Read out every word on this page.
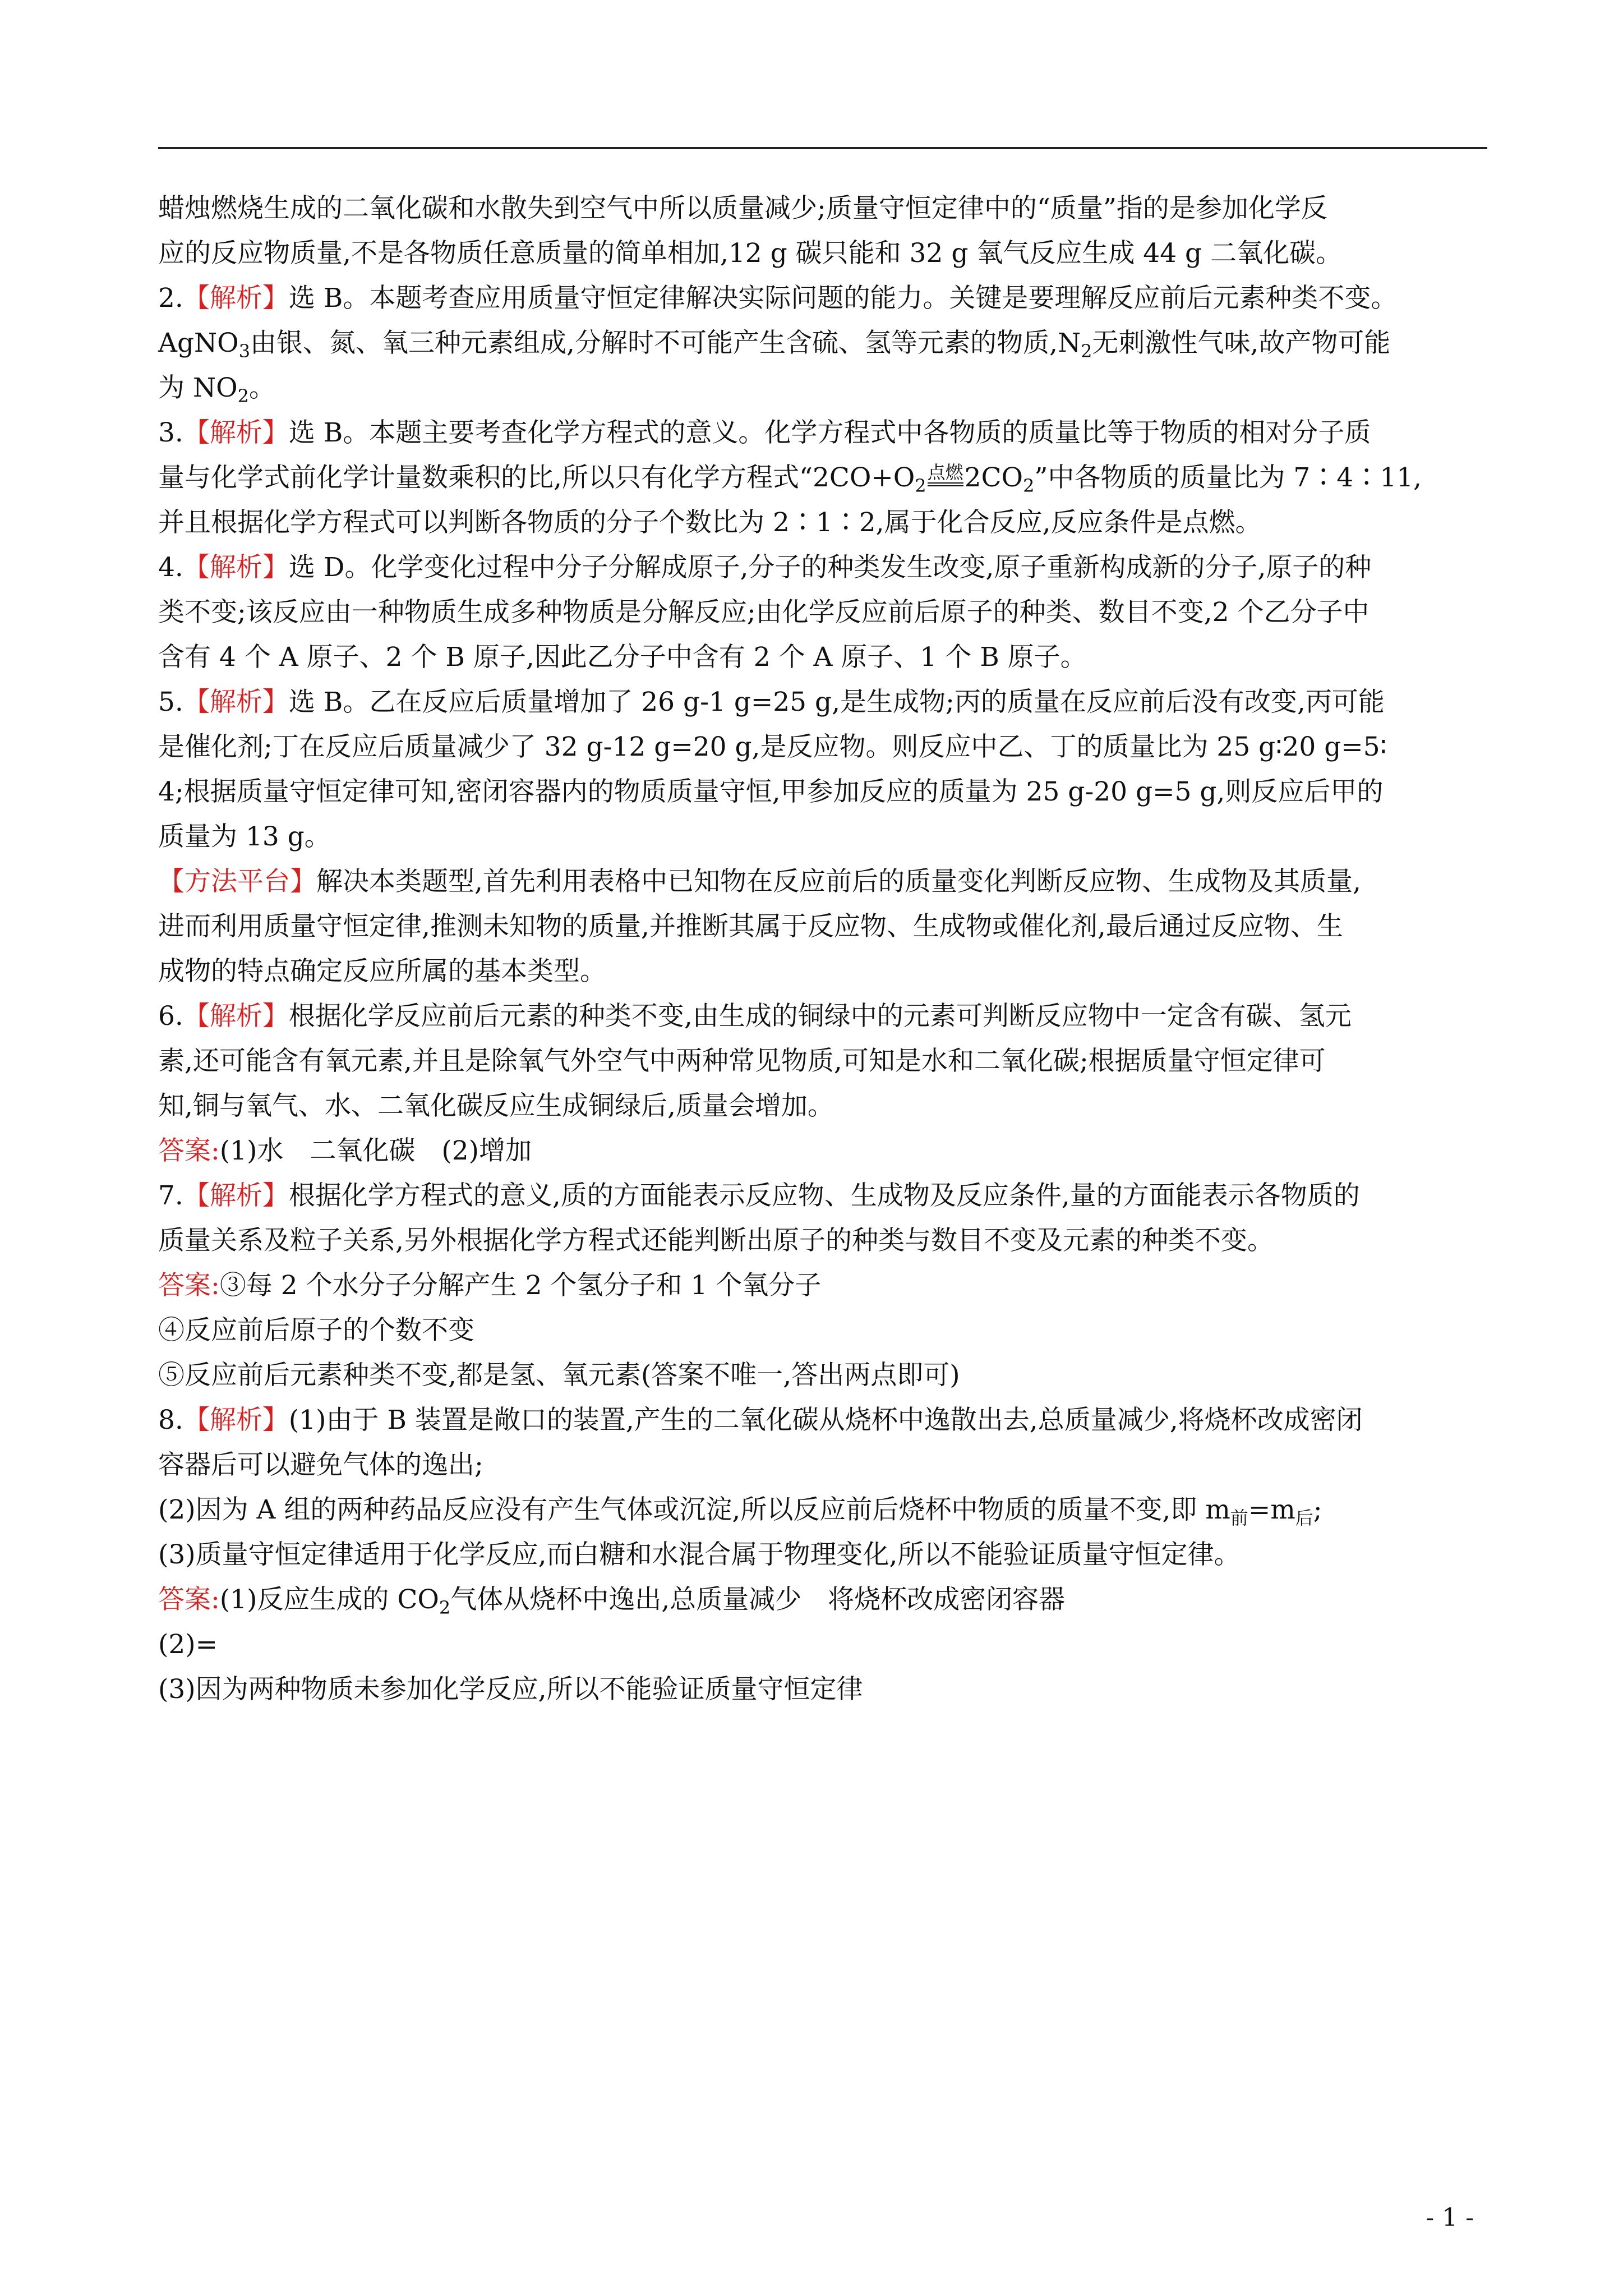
蜡烛燃烧生成的二氧化碳和水散失到空气中所以质量减少;质量守恒定律中的“质量”指的是参加化学反
应的反应物质量,不是各物质任意质量的简单相加,12 g 碳只能和 32 g 氧气反应生成 44 g 二氧化碳。
2.【解析】选 B。本题考查应用质量守恒定律解决实际问题的能力。关键是要理解反应前后元素种类不变。
AgNO$_3$由银、氮、氧三种元素组成,分解时不可能产生含硫、氢等元素的物质$,N_2$无刺激性气味,故产物可能
为 $NO_2$。
3.【解析】选 B。本题主要考查化学方程式的意义。化学方程式中各物质的质量比等于物质的相对分子质
量与化学式前化学计量数乘积的比,所以只有化学方程式“$2CO+O_2$点燃
$2CO_2$”中各物质的质量比为 7∶4∶11,
并且根据化学方程式可以判断各物质的分子个数比为 2∶1∶2,属于化合反应,反应条件是点燃。
4.【解析】选 D。化学变化过程中分子分解成原子,分子的种类发生改变,原子重新构成新的分子,原子的种
类不变;该反应由一种物质生成多种物质是分解反应;由化学反应前后原子的种类、数目不变,2 个乙分子中
含有 4 个 A 原子、2 个 B 原子,因此乙分子中含有 2 个 A 原子、1 个 B 原子。
5.【解析】选 B。乙在反应后质量增加了 26 g-1 g=25 g,是生成物;丙的质量在反应前后没有改变,丙可能
是催化剂;丁在反应后质量减少了 32 g-12 g=20 g,是反应物。则反应中乙、丁的质量比为 25 g∶20 g=5∶
4;根据质量守恒定律可知,密闭容器内的物质质量守恒,甲参加反应的质量为 25 g-20 g=5 g,则反应后甲的
质量为 13 g。
【方法平台】解决本类题型,首先利用表格中已知物在反应前后的质量变化判断反应物、生成物及其质量,
进而利用质量守恒定律,推测未知物的质量,并推断其属于反应物、生成物或催化剂,最后通过反应物、生
成物的特点确定反应所属的基本类型。
6.【解析】根据化学反应前后元素的种类不变,由生成的铜绿中的元素可判断反应物中一定含有碳、氢元
素,还可能含有氧元素,并且是除氧气外空气中两种常见物质,可知是水和二氧化碳;根据质量守恒定律可
知,铜与氧气、水、二氧化碳反应生成铜绿后,质量会增加。
答案:(1)水　二氧化碳　(2)增加
7.【解析】根据化学方程式的意义,质的方面能表示反应物、生成物及反应条件,量的方面能表示各物质的
质量关系及粒子关系,另外根据化学方程式还能判断出原子的种类与数目不变及元素的种类不变。
答案:③每 2 个水分子分解产生 2 个氢分子和 1 个氧分子
④反应前后原子的个数不变
⑤反应前后元素种类不变,都是氢、氧元素(答案不唯一,答出两点即可)
8.【解析】(1)由于 B 装置是敞口的装置,产生的二氧化碳从烧杯中逸散出去,总质量减少,将烧杯改成密闭
容器后可以避免气体的逸出;
(2)因为 A 组的两种药品反应没有产生气体或沉淀,所以反应前后烧杯中物质的质量不变,即 $m_前=m_后$;
(3)质量守恒定律适用于化学反应,而白糖和水混合属于物理变化,所以不能验证质量守恒定律。
答案:(1)反应生成的 $CO_2$气体从烧杯中逸出,总质量减少　将烧杯改成密闭容器
(2)=
(3)因为两种物质未参加化学反应,所以不能验证质量守恒定律
- 1 -
